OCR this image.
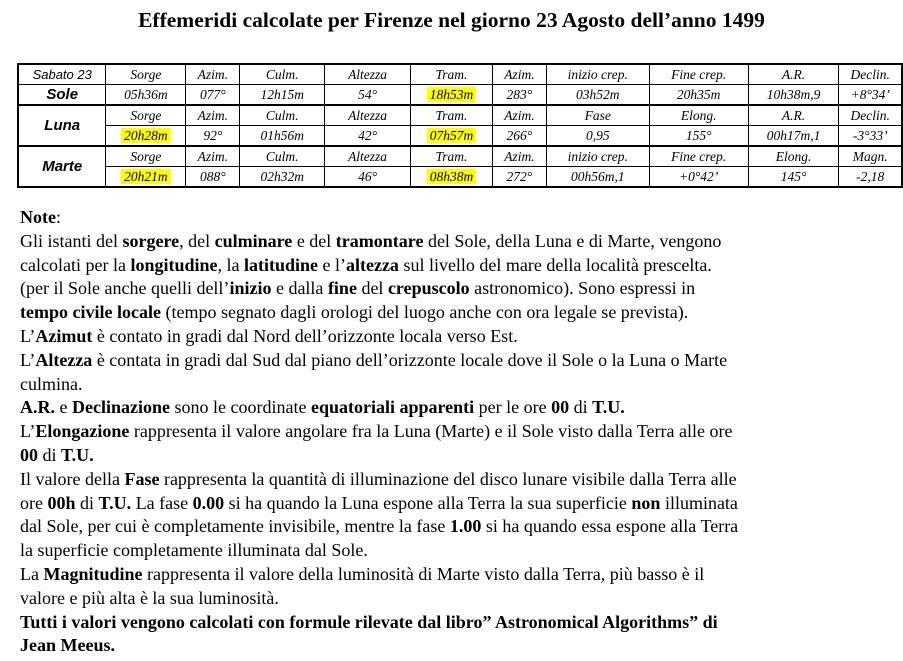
Effemeridi calcolate per Firenze nel giorno 23 Agosto dell’anno 1499
Sabato 23	Sorge	Azim.	Culm.	Altezza	Tram.	Azim.	inizio crep.	Fine crep.	A.R.	Declin.
Sole	05h36m	077°	12h15m	54°	18h53m	283°	03h52m	20h35m	10h38m,9	+8°34’
Luna	Sorge	Azim.	Culm.	Altezza	Tram.	Azim.	Fase	Elong.	A.R.	Declin.
	20h28m	92°	01h56m	42°	07h57m	266°	0,95	155°	00h17m,1	-3°33’
Marte	Sorge	Azim.	Culm.	Altezza	Tram.	Azim.	inizio crep.	Fine crep.	Elong.	Magn.
	20h21m	088°	02h32m	46°	08h38m	272°	00h56m,1	+0°42’	145°	-2,18
Note:
Gli istanti del sorgere, del culminare e del tramontare del Sole, della Luna e di Marte, vengono
calcolati per la longitudine, la latitudine e l’altezza sul livello del mare della località prescelta.
(per il Sole anche quelli dell’inizio e dalla fine del crepuscolo astronomico). Sono espressi in
tempo civile locale (tempo segnato dagli orologi del luogo anche con ora legale se prevista).
L’Azimut è contato in gradi dal Nord dell’orizzonte locala verso Est.
L’Altezza è contata in gradi dal Sud dal piano dell’orizzonte locale dove il Sole o la Luna o Marte
culmina.
A.R. e Declinazione sono le coordinate equatoriali apparenti per le ore 00 di T.U.
L’Elongazione rappresenta il valore angolare fra la Luna (Marte) e il Sole visto dalla Terra alle ore
00 di T.U.
Il valore della Fase rappresenta la quantità di illuminazione del disco lunare visibile dalla Terra alle
ore 00h di T.U. La fase 0.00 si ha quando la Luna espone alla Terra la sua superficie non illuminata
dal Sole, per cui è completamente invisibile, mentre la fase 1.00 si ha quando essa espone alla Terra
la superficie completamente illuminata dal Sole.
La Magnitudine rappresenta il valore della luminosità di Marte visto dalla Terra, più basso è il
valore e più alta è la sua luminosità.
Tutti i valori vengono calcolati con formule rilevate dal libro” Astronomical Algorithms” di
Jean Meeus.
